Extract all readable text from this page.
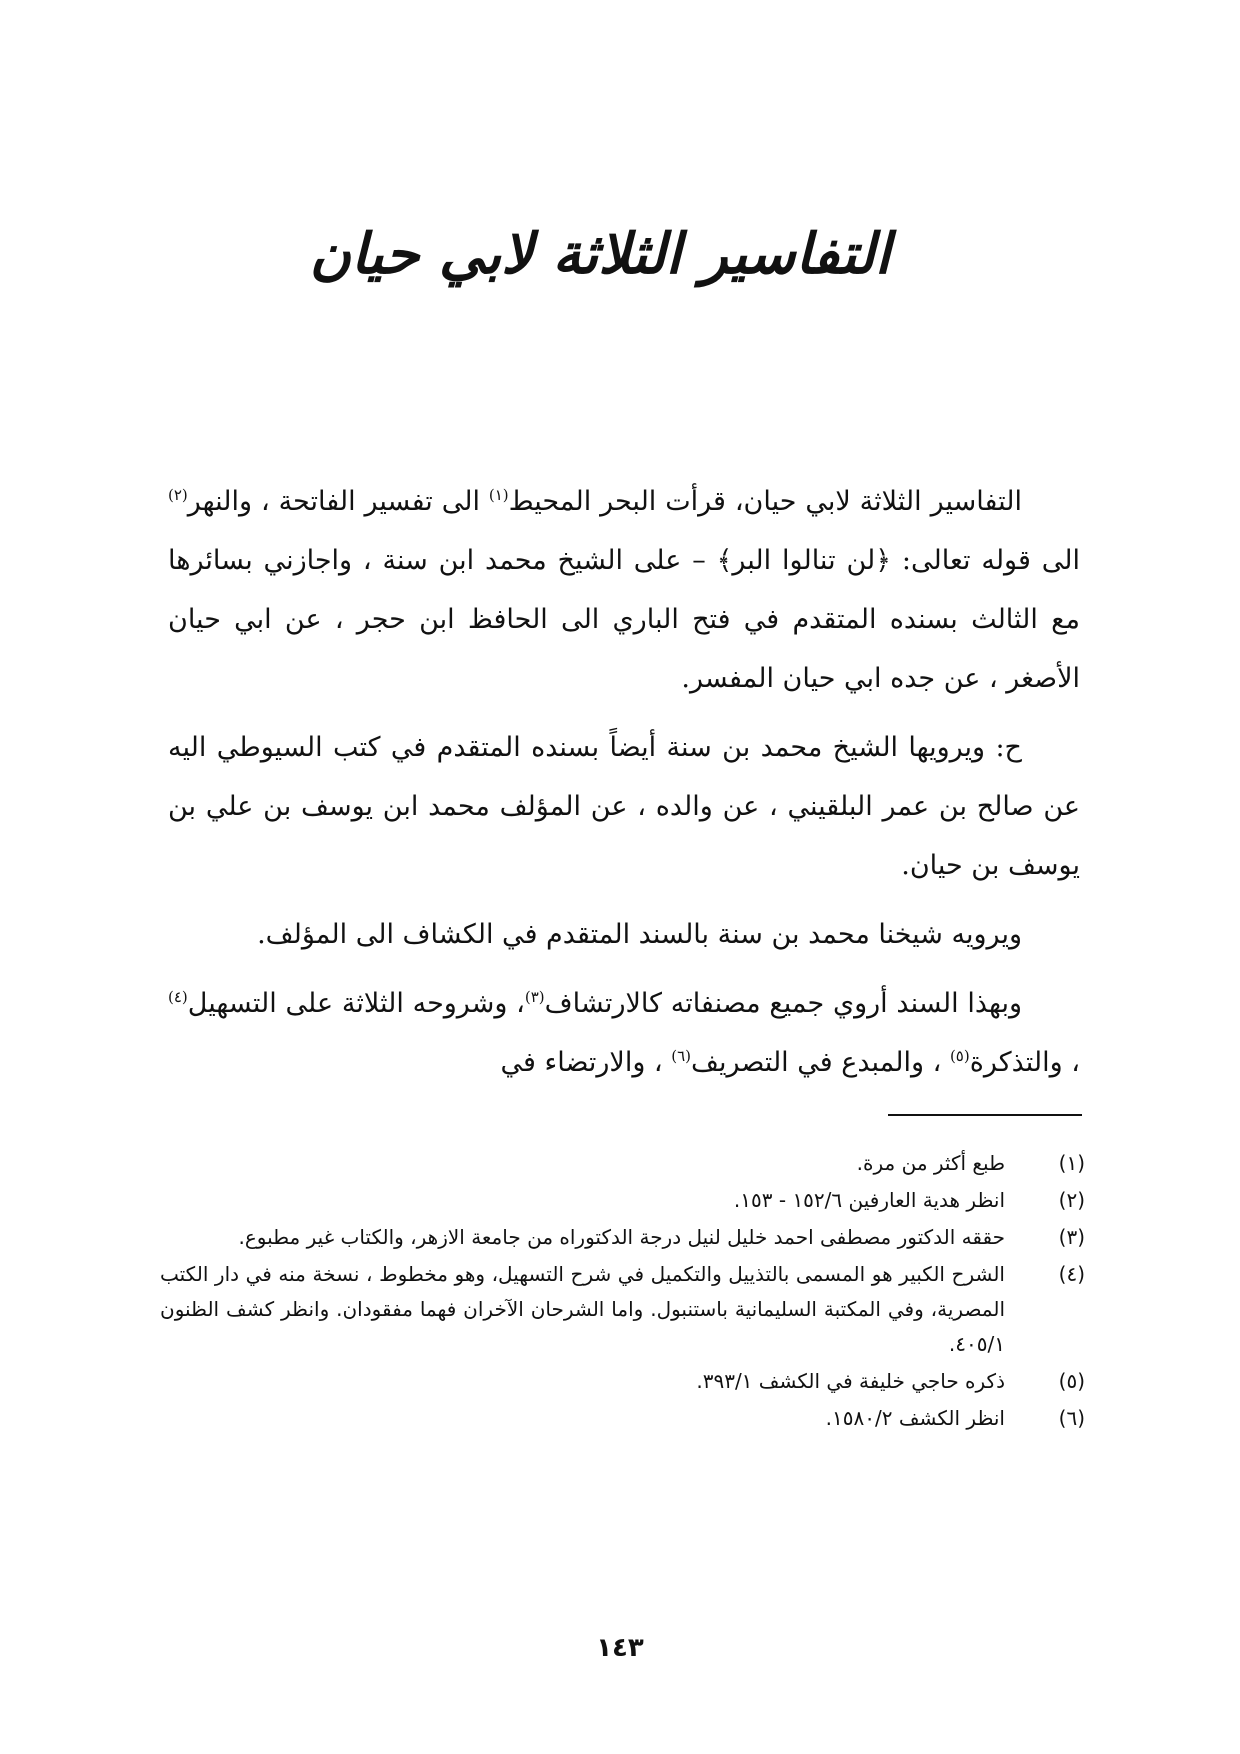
التفاسير الثلاثة لابي حيان

التفاسير الثلاثة لابي حيان، قرأت البحر المحيط$^{(١)}$ الى تفسير الفاتحة ، والنهر$^{(٢)}$ الى قوله تعالى: ﴿لن تنالوا البر﴾ – على الشيخ محمد ابن سنة ، واجازني بسائرها مع الثالث بسنده المتقدم في فتح الباري الى الحافظ ابن حجر ، عن ابي حيان الأصغر ، عن جده ابي حيان المفسر.

ح: ويرويها الشيخ محمد بن سنة أيضاً بسنده المتقدم في كتب السيوطي اليه عن صالح بن عمر البلقيني ، عن والده ، عن المؤلف محمد ابن يوسف بن علي بن يوسف بن حيان.

ويرويه شيخنا محمد بن سنة بالسند المتقدم في الكشاف الى المؤلف.

وبهذا السند أروي جميع مصنفاته كالارتشاف$^{(٣)}$، وشروحه الثلاثة على التسهيل$^{(٤)}$ ، والتذكرة$^{(٥)}$ ، والمبدع في التصريف$^{(٦)}$ ، والارتضاء في

(١)
طبع أكثر من مرة.
(٢)
انظر هدية العارفين ١٥٢/٦ - ١٥٣.
(٣)
حققه الدكتور مصطفى احمد خليل لنيل درجة الدكتوراه من جامعة الازهر، والكتاب غير مطبوع.
(٤)
الشرح الكبير هو المسمى بالتذييل والتكميل في شرح التسهيل، وهو مخطوط ، نسخة منه في دار الكتب المصرية، وفي المكتبة السليمانية باستنبول. واما الشرحان الآخران فهما مفقودان. وانظر كشف الظنون ٤٠٥/١.
(٥)
ذكره حاجي خليفة في الكشف ٣٩٣/١.
(٦)
انظر الكشف ١٥٨٠/٢.
١٤٣
